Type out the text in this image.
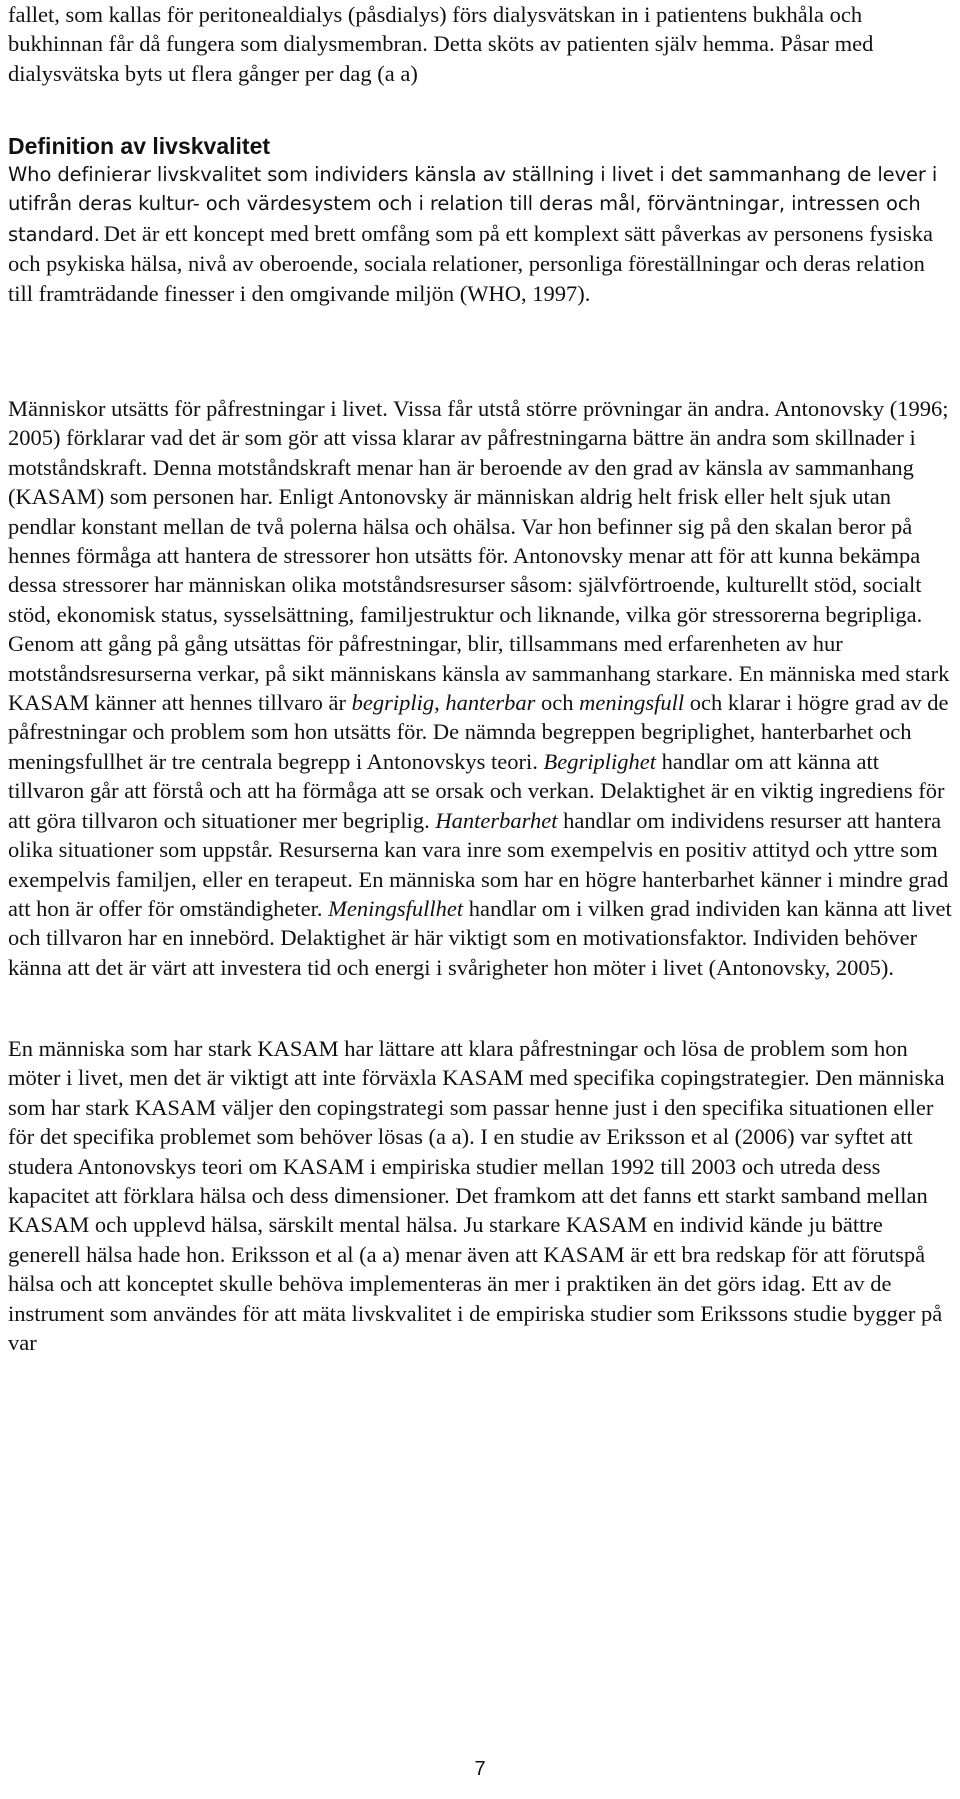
fallet, som kallas för peritonealdialys (påsdialys) förs dialysvätskan in i patientens bukhåla och bukhinnan får då fungera som dialysmembran. Detta sköts av patienten själv hemma. Påsar med dialysvätska byts ut flera gånger per dag (a a)

Definition av livskvalitet

Who definierar livskvalitet som individers känsla av ställning i livet i det sammanhang de lever i utifrån deras kultur- och värdesystem och i relation till deras mål, förväntningar, intressen och standard. Det är ett koncept med brett omfång som på ett komplext sätt påverkas av personens fysiska och psykiska hälsa, nivå av oberoende, sociala relationer, personliga föreställningar och deras relation till framträdande finesser i den omgivande miljön (WHO, 1997).

Människor utsätts för påfrestningar i livet. Vissa får utstå större prövningar än andra. Antonovsky (1996; 2005) förklarar vad det är som gör att vissa klarar av påfrestningarna bättre än andra som skillnader i motståndskraft. Denna motståndskraft menar han är beroende av den grad av känsla av sammanhang (KASAM) som personen har. Enligt Antonovsky är människan aldrig helt frisk eller helt sjuk utan pendlar konstant mellan de två polerna hälsa och ohälsa. Var hon befinner sig på den skalan beror på hennes förmåga att hantera de stressorer hon utsätts för. Antonovsky menar att för att kunna bekämpa dessa stressorer har människan olika motståndsresurser såsom: självförtroende, kulturellt stöd, socialt stöd, ekonomisk status, sysselsättning, familjestruktur och liknande, vilka gör stressorerna begripliga. Genom att gång på gång utsättas för påfrestningar, blir, tillsammans med erfarenheten av hur motståndsresurserna verkar, på sikt människans känsla av sammanhang starkare. En människa med stark KASAM känner att hennes tillvaro är begriplig, hanterbar och meningsfull och klarar i högre grad av de påfrestningar och problem som hon utsätts för. De nämnda begreppen begriplighet, hanterbarhet och meningsfullhet är tre centrala begrepp i Antonovskys teori. Begriplighet handlar om att känna att tillvaron går att förstå och att ha förmåga att se orsak och verkan. Delaktighet är en viktig ingrediens för att göra tillvaron och situationer mer begriplig. Hanterbarhet handlar om individens resurser att hantera olika situationer som uppstår. Resurserna kan vara inre som exempelvis en positiv attityd och yttre som exempelvis familjen, eller en terapeut. En människa som har en högre hanterbarhet känner i mindre grad att hon är offer för omständigheter. Meningsfullhet handlar om i vilken grad individen kan känna att livet och tillvaron har en innebörd. Delaktighet är här viktigt som en motivationsfaktor. Individen behöver känna att det är värt att investera tid och energi i svårigheter hon möter i livet (Antonovsky, 2005).

En människa som har stark KASAM har lättare att klara påfrestningar och lösa de problem som hon möter i livet, men det är viktigt att inte förväxla KASAM med specifika copingstrategier. Den människa som har stark KASAM väljer den copingstrategi som passar henne just i den specifika situationen eller för det specifika problemet som behöver lösas (a a). I en studie av Eriksson et al (2006) var syftet att studera Antonovskys teori om KASAM i empiriska studier mellan 1992 till 2003 och utreda dess kapacitet att förklara hälsa och dess dimensioner. Det framkom att det fanns ett starkt samband mellan KASAM och upplevd hälsa, särskilt mental hälsa. Ju starkare KASAM en individ kände ju bättre generell hälsa hade hon. Eriksson et al (a a) menar även att KASAM är ett bra redskap för att förutspå hälsa och att konceptet skulle behöva implementeras än mer i praktiken än det görs idag. Ett av de instrument som användes för att mäta livskvalitet i de empiriska studier som Erikssons studie bygger på var

7
